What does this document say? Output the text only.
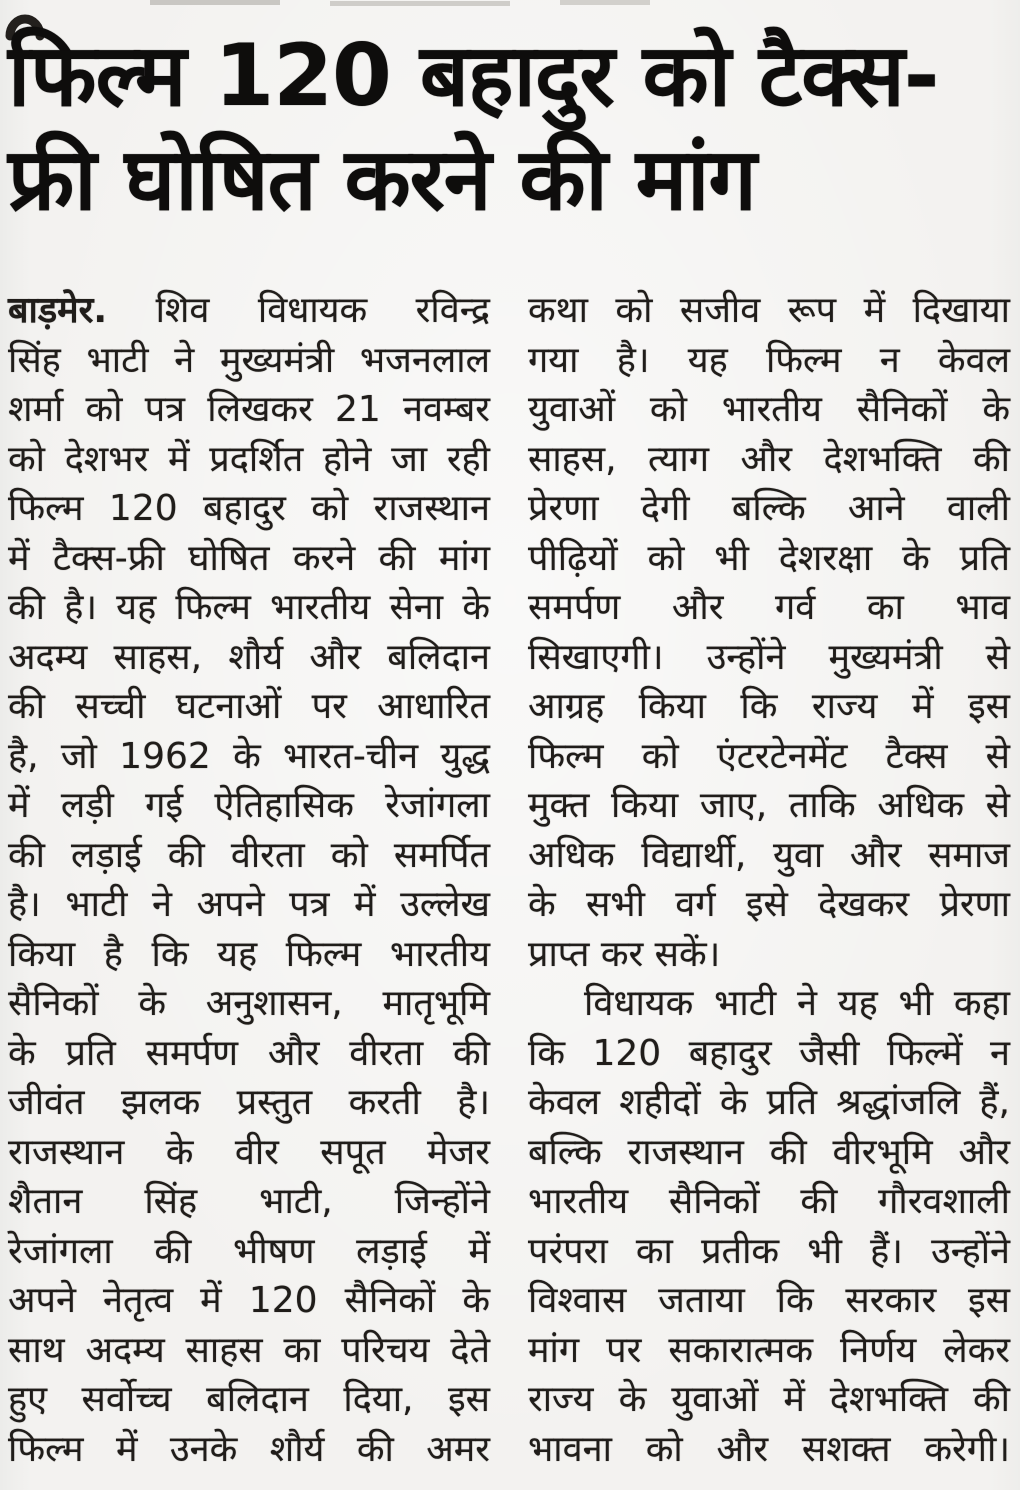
फिल्म 120 बहादुर को टैक्स-
फ्री घोषित करने की मांग
बाड़मेर. शिव विधायक रविन्द्र
सिंह भाटी ने मुख्यमंत्री भजनलाल
शर्मा को पत्र लिखकर 21 नवम्बर
को देशभर में प्रदर्शित होने जा रही
फिल्म 120 बहादुर को राजस्थान
में टैक्स-फ्री घोषित करने की मांग
की है। यह फिल्म भारतीय सेना के
अदम्य साहस, शौर्य और बलिदान
की सच्ची घटनाओं पर आधारित
है, जो 1962 के भारत-चीन युद्ध
में लड़ी गई ऐतिहासिक रेजांगला
की लड़ाई की वीरता को समर्पित
है। भाटी ने अपने पत्र में उल्लेख
किया है कि यह फिल्म भारतीय
सैनिकों के अनुशासन, मातृभूमि
के प्रति समर्पण और वीरता की
जीवंत झलक प्रस्तुत करती है।
राजस्थान के वीर सपूत मेजर
शैतान सिंह भाटी, जिन्होंने
रेजांगला की भीषण लड़ाई में
अपने नेतृत्व में 120 सैनिकों के
साथ अदम्य साहस का परिचय देते
हुए सर्वोच्च बलिदान दिया, इस
फिल्म में उनके शौर्य की अमर
कथा को सजीव रूप में दिखाया
गया है। यह फिल्म न केवल
युवाओं को भारतीय सैनिकों के
साहस, त्याग और देशभक्ति की
प्रेरणा देगी बल्कि आने वाली
पीढ़ियों को भी देशरक्षा के प्रति
समर्पण और गर्व का भाव
सिखाएगी। उन्होंने मुख्यमंत्री से
आग्रह किया कि राज्य में इस
फिल्म को एंटरटेनमेंट टैक्स से
मुक्त किया जाए, ताकि अधिक से
अधिक विद्यार्थी, युवा और समाज
के सभी वर्ग इसे देखकर प्रेरणा
प्राप्त कर सकें।
विधायक भाटी ने यह भी कहा
कि 120 बहादुर जैसी फिल्में न
केवल शहीदों के प्रति श्रद्धांजलि हैं,
बल्कि राजस्थान की वीरभूमि और
भारतीय सैनिकों की गौरवशाली
परंपरा का प्रतीक भी हैं। उन्होंने
विश्वास जताया कि सरकार इस
मांग पर सकारात्मक निर्णय लेकर
राज्य के युवाओं में देशभक्ति की
भावना को और सशक्त करेगी।
